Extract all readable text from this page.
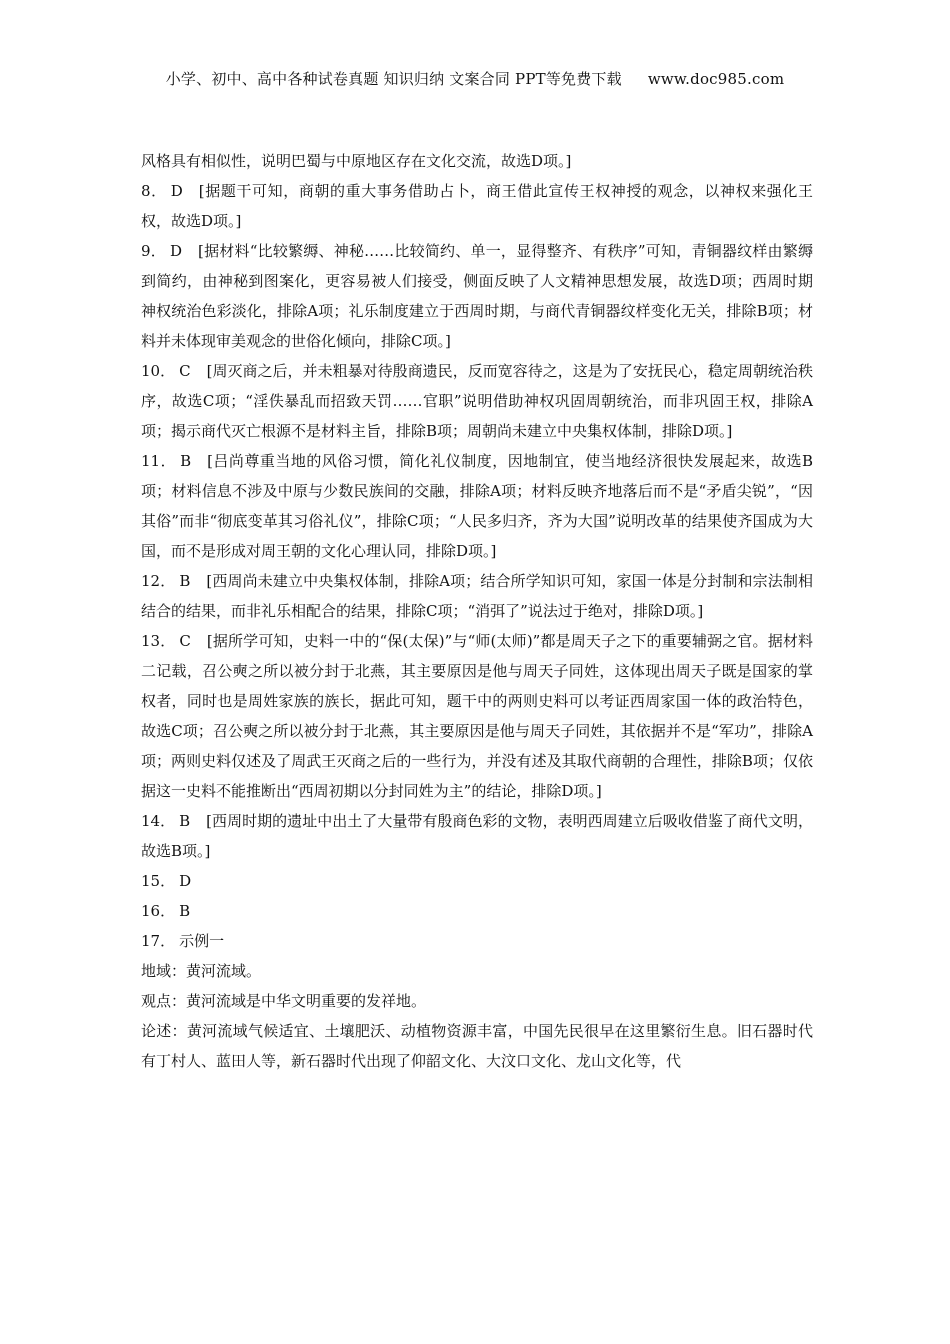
小学、初中、高中各种试卷真题 知识归纳 文案合同 PPT等免费下载 www.doc985.com

风格具有相似性，说明巴蜀与中原地区存在文化交流，故选D项。]

8． D [据题干可知，商朝的重大事务借助占卜，商王借此宣传王权神授的观念，以神权来强化王权，故选D项。]

9． D [据材料“比较繁缛、神秘……比较简约、单一，显得整齐、有秩序”可知，青铜器纹样由繁缛到简约，由神秘到图案化，更容易被人们接受，侧面反映了人文精神思想发展，故选D项；西周时期神权统治色彩淡化，排除A项；礼乐制度建立于西周时期，与商代青铜器纹样变化无关，排除B项；材料并未体现审美观念的世俗化倾向，排除C项。]

10． C [周灭商之后，并未粗暴对待殷商遗民，反而宽容待之，这是为了安抚民心，稳定周朝统治秩序，故选C项；“淫佚暴乱而招致天罚……官职”说明借助神权巩固周朝统治，而非巩固王权，排除A项；揭示商代灭亡根源不是材料主旨，排除B项；周朝尚未建立中央集权体制，排除D项。]

11． B [吕尚尊重当地的风俗习惯，简化礼仪制度，因地制宜，使当地经济很快发展起来，故选B项；材料信息不涉及中原与少数民族间的交融，排除A项；材料反映齐地落后而不是“矛盾尖锐”，“因其俗”而非“彻底变革其习俗礼仪”，排除C项；“人民多归齐，齐为大国”说明改革的结果使齐国成为大国，而不是形成对周王朝的文化心理认同，排除D项。]

12． B [西周尚未建立中央集权体制，排除A项；结合所学知识可知，家国一体是分封制和宗法制相结合的结果，而非礼乐相配合的结果，排除C项；“消弭了”说法过于绝对，排除D项。]

13． C [据所学可知，史料一中的“保(太保)”与“师(太师)”都是周天子之下的重要辅弼之官。据材料二记载，召公奭之所以被分封于北燕，其主要原因是他与周天子同姓，这体现出周天子既是国家的掌权者，同时也是周姓家族的族长，据此可知，题干中的两则史料可以考证西周家国一体的政治特色，故选C项；召公奭之所以被分封于北燕，其主要原因是他与周天子同姓，其依据并不是“军功”，排除A项；两则史料仅述及了周武王灭商之后的一些行为，并没有述及其取代商朝的合理性，排除B项；仅依据这一史料不能推断出“西周初期以分封同姓为主”的结论，排除D项。]

14． B [西周时期的遗址中出土了大量带有殷商色彩的文物，表明西周建立后吸收借鉴了商代文明，故选B项。]

15． D

16． B

17． 示例一

地域：黄河流域。

观点：黄河流域是中华文明重要的发祥地。

论述：黄河流域气候适宜、土壤肥沃、动植物资源丰富，中国先民很早在这里繁衍生息。旧石器时代有丁村人、蓝田人等，新石器时代出现了仰韶文化、大汶口文化、龙山文化等，代
